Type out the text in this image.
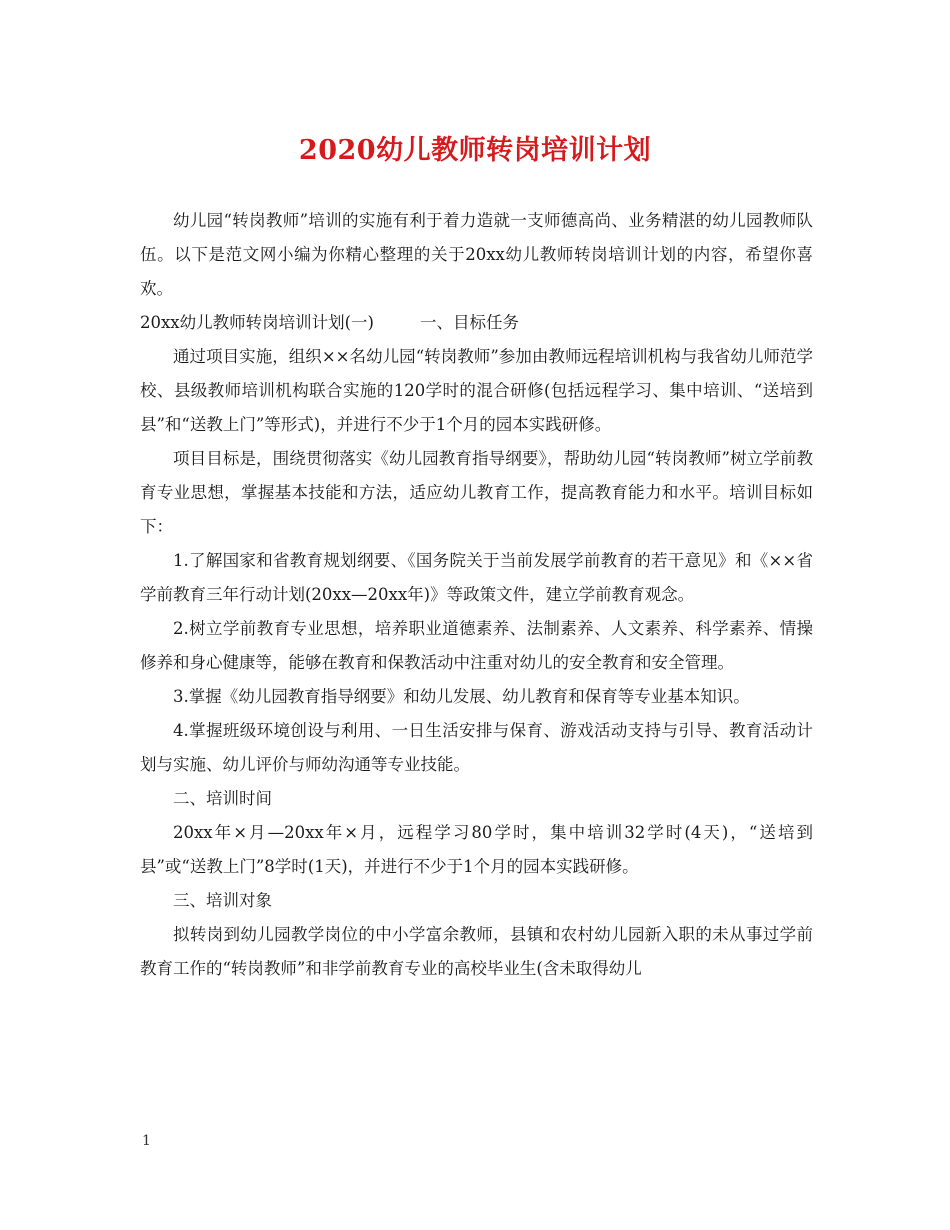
2020幼儿教师转岗培训计划

幼儿园“转岗教师”培训的实施有利于着力造就一支师德高尚、业务精湛的幼儿园教师队伍。以下是范文网小编为你精心整理的关于20xx幼儿教师转岗培训计划的内容，希望你喜欢。

20xx幼儿教师转岗培训计划(一)	一、目标任务

通过项目实施，组织××名幼儿园“转岗教师”参加由教师远程培训机构与我省幼儿师范学校、县级教师培训机构联合实施的120学时的混合研修(包括远程学习、集中培训、“送培到县”和“送教上门”等形式)，并进行不少于1个月的园本实践研修。

项目目标是，围绕贯彻落实《幼儿园教育指导纲要》，帮助幼儿园“转岗教师”树立学前教育专业思想，掌握基本技能和方法，适应幼儿教育工作，提高教育能力和水平。培训目标如下：

1.了解国家和省教育规划纲要、《国务院关于当前发展学前教育的若干意见》和《××省学前教育三年行动计划(20xx—20xx年)》等政策文件，建立学前教育观念。

2.树立学前教育专业思想，培养职业道德素养、法制素养、人文素养、科学素养、情操修养和身心健康等，能够在教育和保教活动中注重对幼儿的安全教育和安全管理。

3.掌握《幼儿园教育指导纲要》和幼儿发展、幼儿教育和保育等专业基本知识。

4.掌握班级环境创设与利用、一日生活安排与保育、游戏活动支持与引导、教育活动计划与实施、幼儿评价与师幼沟通等专业技能。

二、培训时间

20xx年×月—20xx年×月，远程学习80学时，集中培训32学时(4天)，“送培到县”或“送教上门”8学时(1天)，并进行不少于1个月的园本实践研修。

三、培训对象

拟转岗到幼儿园教学岗位的中小学富余教师，县镇和农村幼儿园新入职的未从事过学前教育工作的“转岗教师”和非学前教育专业的高校毕业生(含未取得幼儿

1
